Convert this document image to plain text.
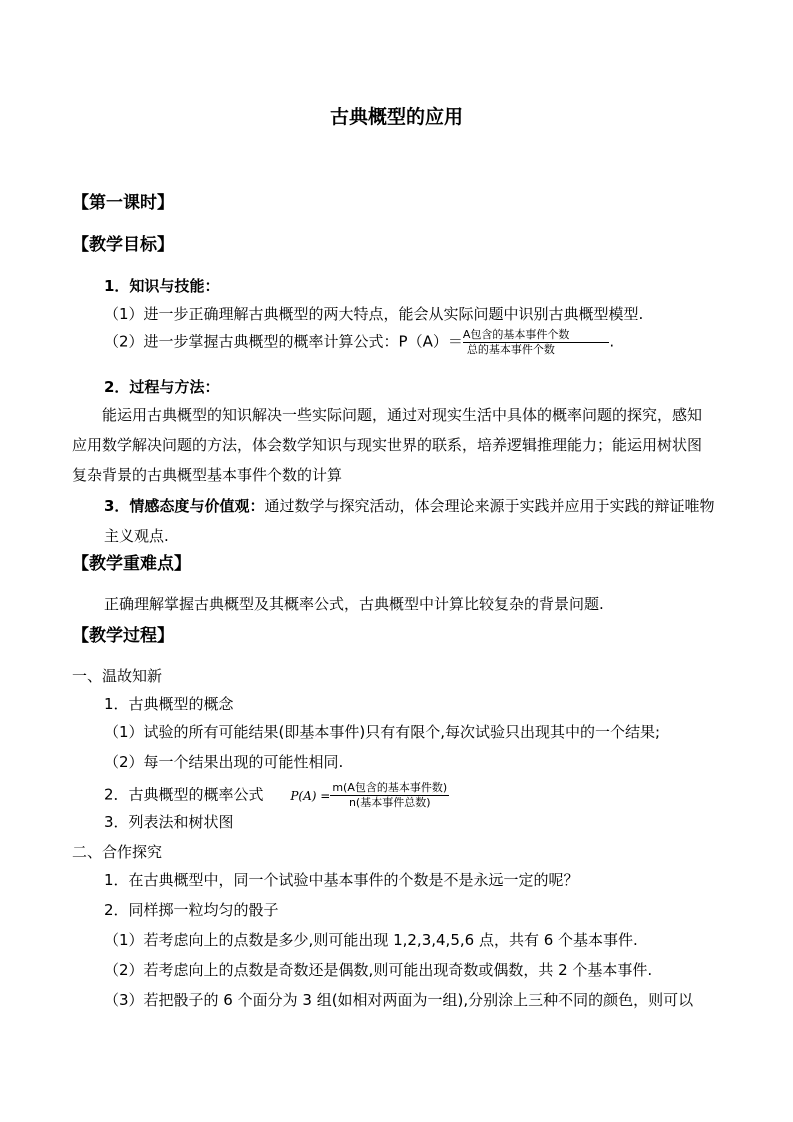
古典概型的应用
【第一课时】
【教学目标】
1．知识与技能：
（1）进一步正确理解古典概型的两大特点，能会从实际问题中识别古典概型模型.
（2）进一步掌握古典概型的概率计算公式：$P(A)= \frac{\text{A包含的基本事件个数}}{\text{总的基本事件个数}}$ .
2．过程与方法：
能运用古典概型的知识解决一些实际问题，通过对现实生活中具体的概率问题的探究，感知应用数学解决问题的方法，体会数学知识与现实世界的联系，培养逻辑推理能力；能运用树状图复杂背景的古典概型基本事件个数的计算
3．情感态度与价值观：通过数学与探究活动，体会理论来源于实践并应用于实践的辩证唯物主义观点.
【教学重难点】
正确理解掌握古典概型及其概率公式，古典概型中计算比较复杂的背景问题.
【教学过程】
一、温故知新
1．古典概型的概念
（1）试验的所有可能结果(即基本事件)只有有限个,每次试验只出现其中的一个结果;
（2）每一个结果出现的可能性相同.
2．古典概型的概率公式 $P(A) = \frac{\text{m(A包含的基本事件数)}}{\text{n(基本事件总数)}}$
3．列表法和树状图
二、合作探究
1．在古典概型中，同一个试验中基本事件的个数是不是永远一定的呢？
2．同样掷一粒均匀的骰子
（1）若考虑向上的点数是多少,则可能出现 1,2,3,4,5,6 点，共有 6 个基本事件.
（2）若考虑向上的点数是奇数还是偶数,则可能出现奇数或偶数，共 2 个基本事件.
（3）若把骰子的 6 个面分为 3 组(如相对两面为一组),分别涂上三种不同的颜色，则可以
